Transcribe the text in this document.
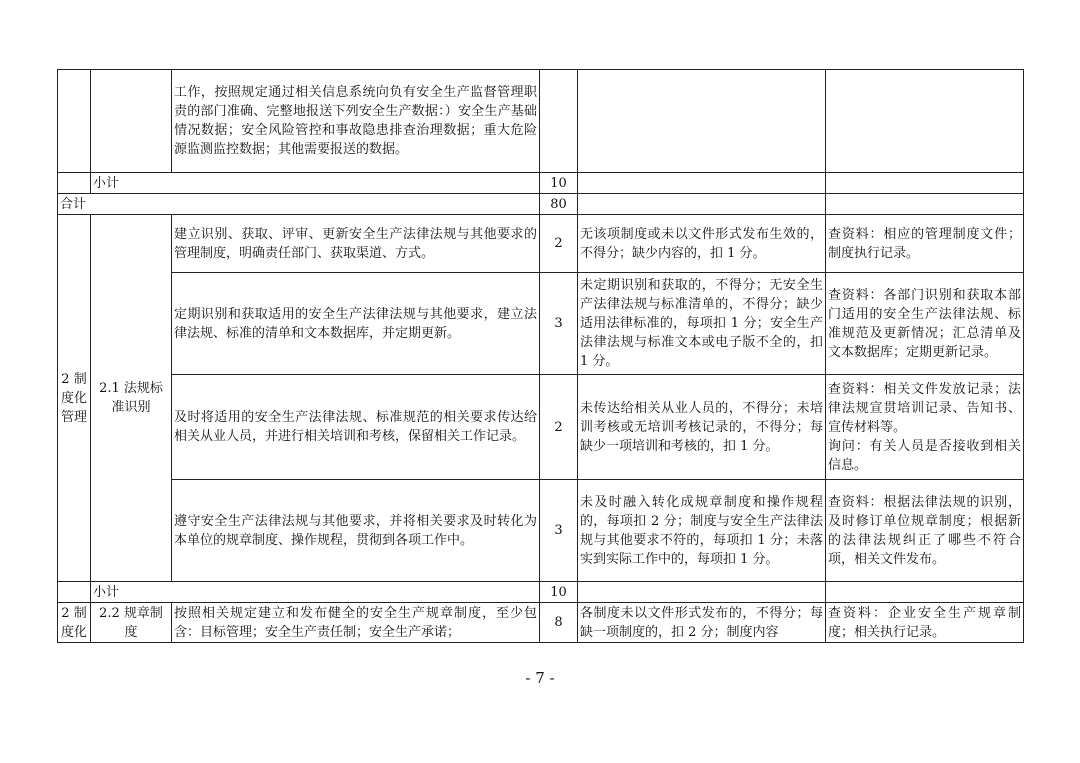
		工作，按照规定通过相关信息系统向负有安全生产监督管理职责的部门准确、完整地报送下列安全生产数据：）安全生产基础情况数据；安全风险管控和事故隐患排查治理数据；重大危险源监测监控数据；其他需要报送的数据。			
	小计		10		
合计			80		
2 制度化管理	2.1 法规标准识别	建立识别、获取、评审、更新安全生产法律法规与其他要求的管理制度，明确责任部门、获取渠道、方式。	2	无该项制度或未以文件形式发布生效的，不得分；缺少内容的，扣 1 分。	查资料：相应的管理制度文件；制度执行记录。
		定期识别和获取适用的安全生产法律法规与其他要求，建立法律法规、标准的清单和文本数据库，并定期更新。	3	未定期识别和获取的，不得分；无安全生产法律法规与标准清单的，不得分；缺少适用法律标准的，每项扣 1 分；安全生产法律法规与标准文本或电子版不全的，扣 1 分。	查资料：各部门识别和获取本部门适用的安全生产法律法规、标准规范及更新情况；汇总清单及文本数据库；定期更新记录。
		及时将适用的安全生产法律法规、标准规范的相关要求传达给相关从业人员，并进行相关培训和考核，保留相关工作记录。	2	未传达给相关从业人员的，不得分；未培训考核或无培训考核记录的，不得分；每缺少一项培训和考核的，扣 1 分。	查资料：相关文件发放记录；法律法规宣贯培训记录、告知书、宣传材料等。
询问：有关人员是否接收到相关信息。
		遵守安全生产法律法规与其他要求，并将相关要求及时转化为本单位的规章制度、操作规程，贯彻到各项工作中。	3	未及时融入转化成规章制度和操作规程的，每项扣 2 分；制度与安全生产法律法规与其他要求不符的，每项扣 1 分；未落实到实际工作中的，每项扣 1 分。	查资料：根据法律法规的识别，及时修订单位规章制度；根据新的法律法规纠正了哪些不符合项，相关文件发布。
	小计		10		
2 制度化	2.2 规章制度	按照相关规定建立和发布健全的安全生产规章制度，至少包含：目标管理；安全生产责任制；安全生产承诺；	8	各制度未以文件形式发布的，不得分；每缺一项制度的，扣 2 分；制度内容	查资料：企业安全生产规章制度；相关执行记录。
- 7 -
